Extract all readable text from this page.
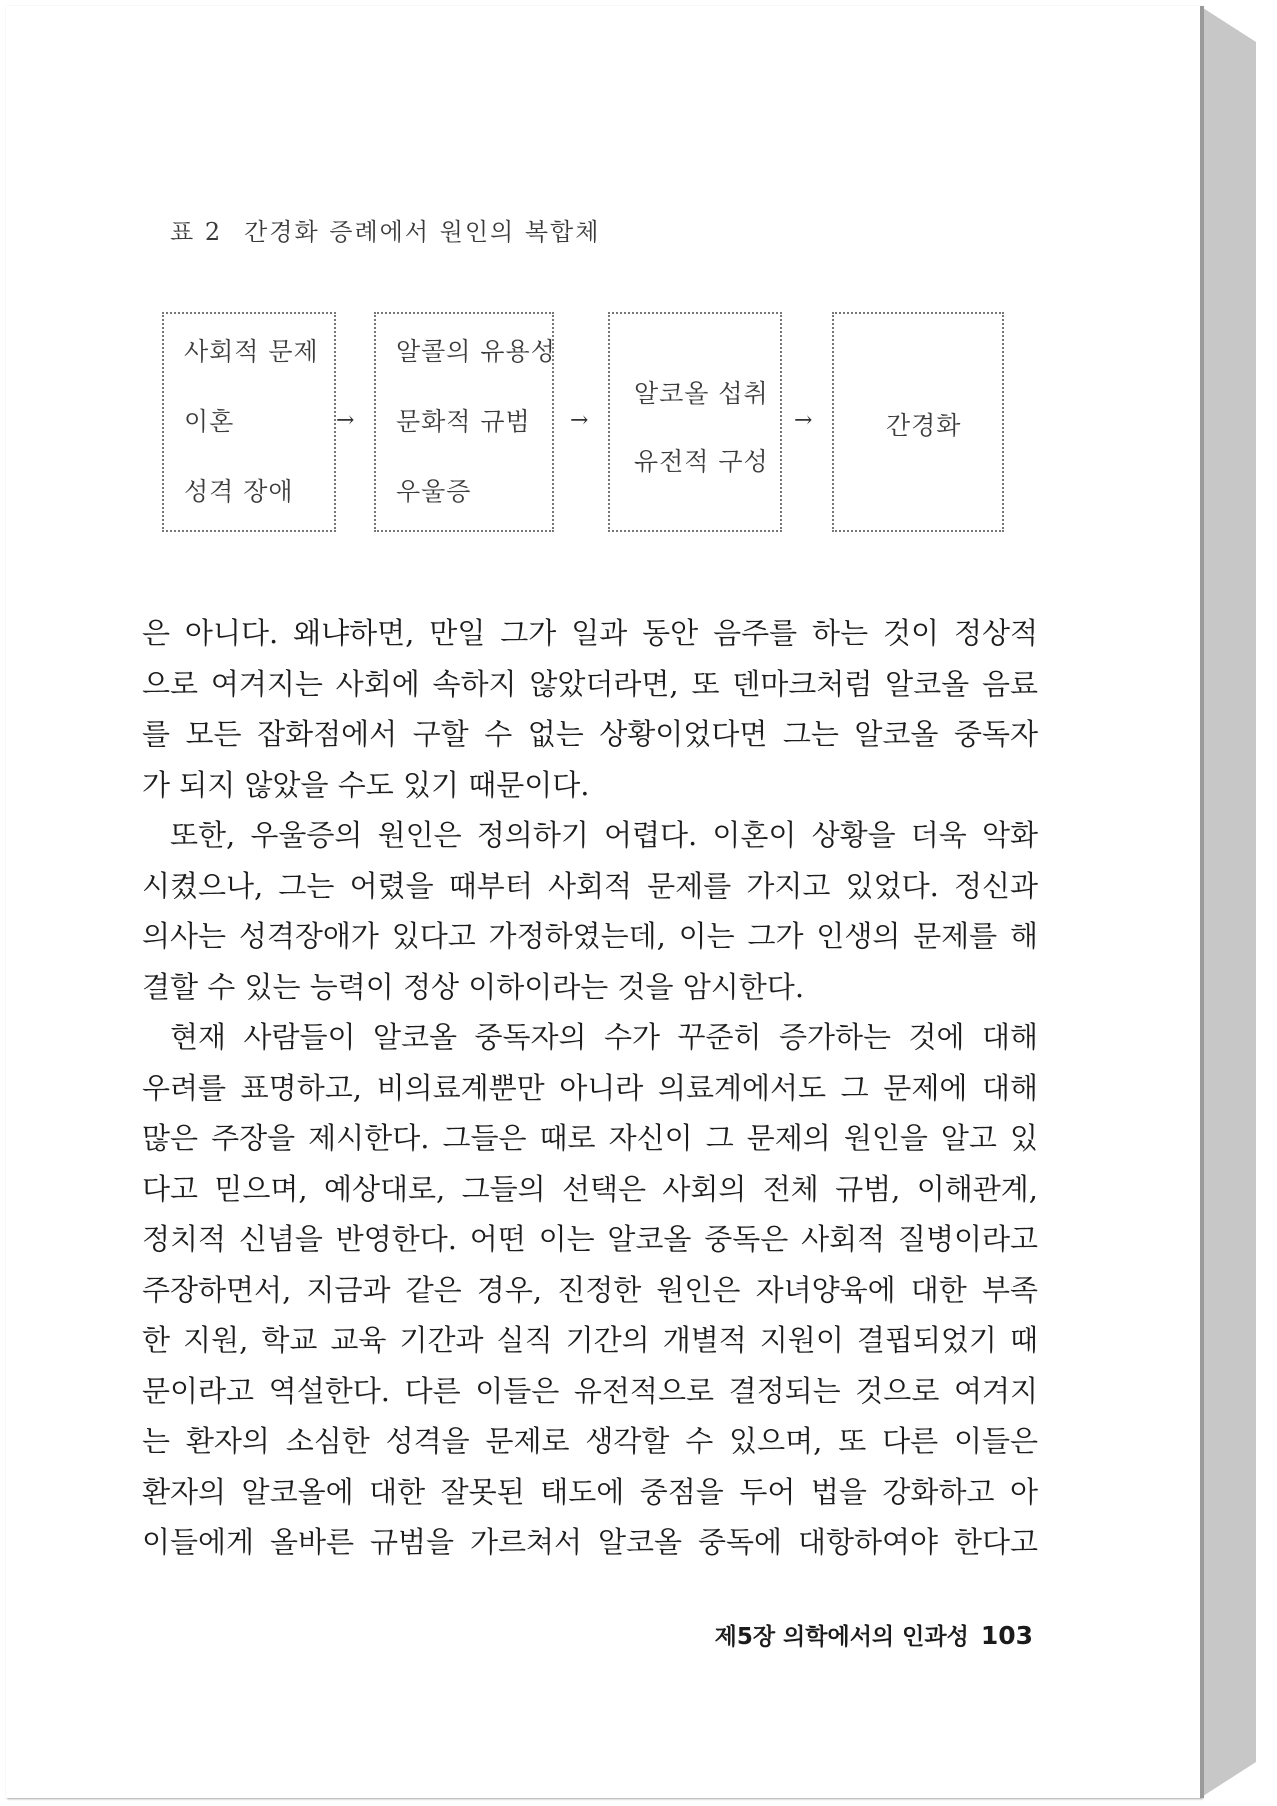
표 2 간경화 증례에서 원인의 복합체
사회적 문제
이혼
성격 장애
→
알콜의 유용성
문화적 규범
우울증
→
알코올 섭취
유전적 구성
→	간경화
은 아니다. 왜냐하면, 만일 그가 일과 동안 음주를 하는 것이 정상적
으로 여겨지는 사회에 속하지 않았더라면, 또 덴마크처럼 알코올 음료
를 모든 잡화점에서 구할 수 없는 상황이었다면 그는 알코올 중독자
가 되지 않았을 수도 있기 때문이다.
또한, 우울증의 원인은 정의하기 어렵다. 이혼이 상황을 더욱 악화
시켰으나, 그는 어렸을 때부터 사회적 문제를 가지고 있었다. 정신과
의사는 성격장애가 있다고 가정하였는데, 이는 그가 인생의 문제를 해
결할 수 있는 능력이 정상 이하이라는 것을 암시한다.
현재 사람들이 알코올 중독자의 수가 꾸준히 증가하는 것에 대해
우려를 표명하고, 비의료계뿐만 아니라 의료계에서도 그 문제에 대해
많은 주장을 제시한다. 그들은 때로 자신이 그 문제의 원인을 알고 있
다고 믿으며, 예상대로, 그들의 선택은 사회의 전체 규범, 이해관계,
정치적 신념을 반영한다. 어떤 이는 알코올 중독은 사회적 질병이라고
주장하면서, 지금과 같은 경우, 진정한 원인은 자녀양육에 대한 부족
한 지원, 학교 교육 기간과 실직 기간의 개별적 지원이 결핍되었기 때
문이라고 역설한다. 다른 이들은 유전적으로 결정되는 것으로 여겨지
는 환자의 소심한 성격을 문제로 생각할 수 있으며, 또 다른 이들은
환자의 알코올에 대한 잘못된 태도에 중점을 두어 법을 강화하고 아
이들에게 올바른 규범을 가르쳐서 알코올 중독에 대항하여야 한다고
제5장 의학에서의 인과성 103
